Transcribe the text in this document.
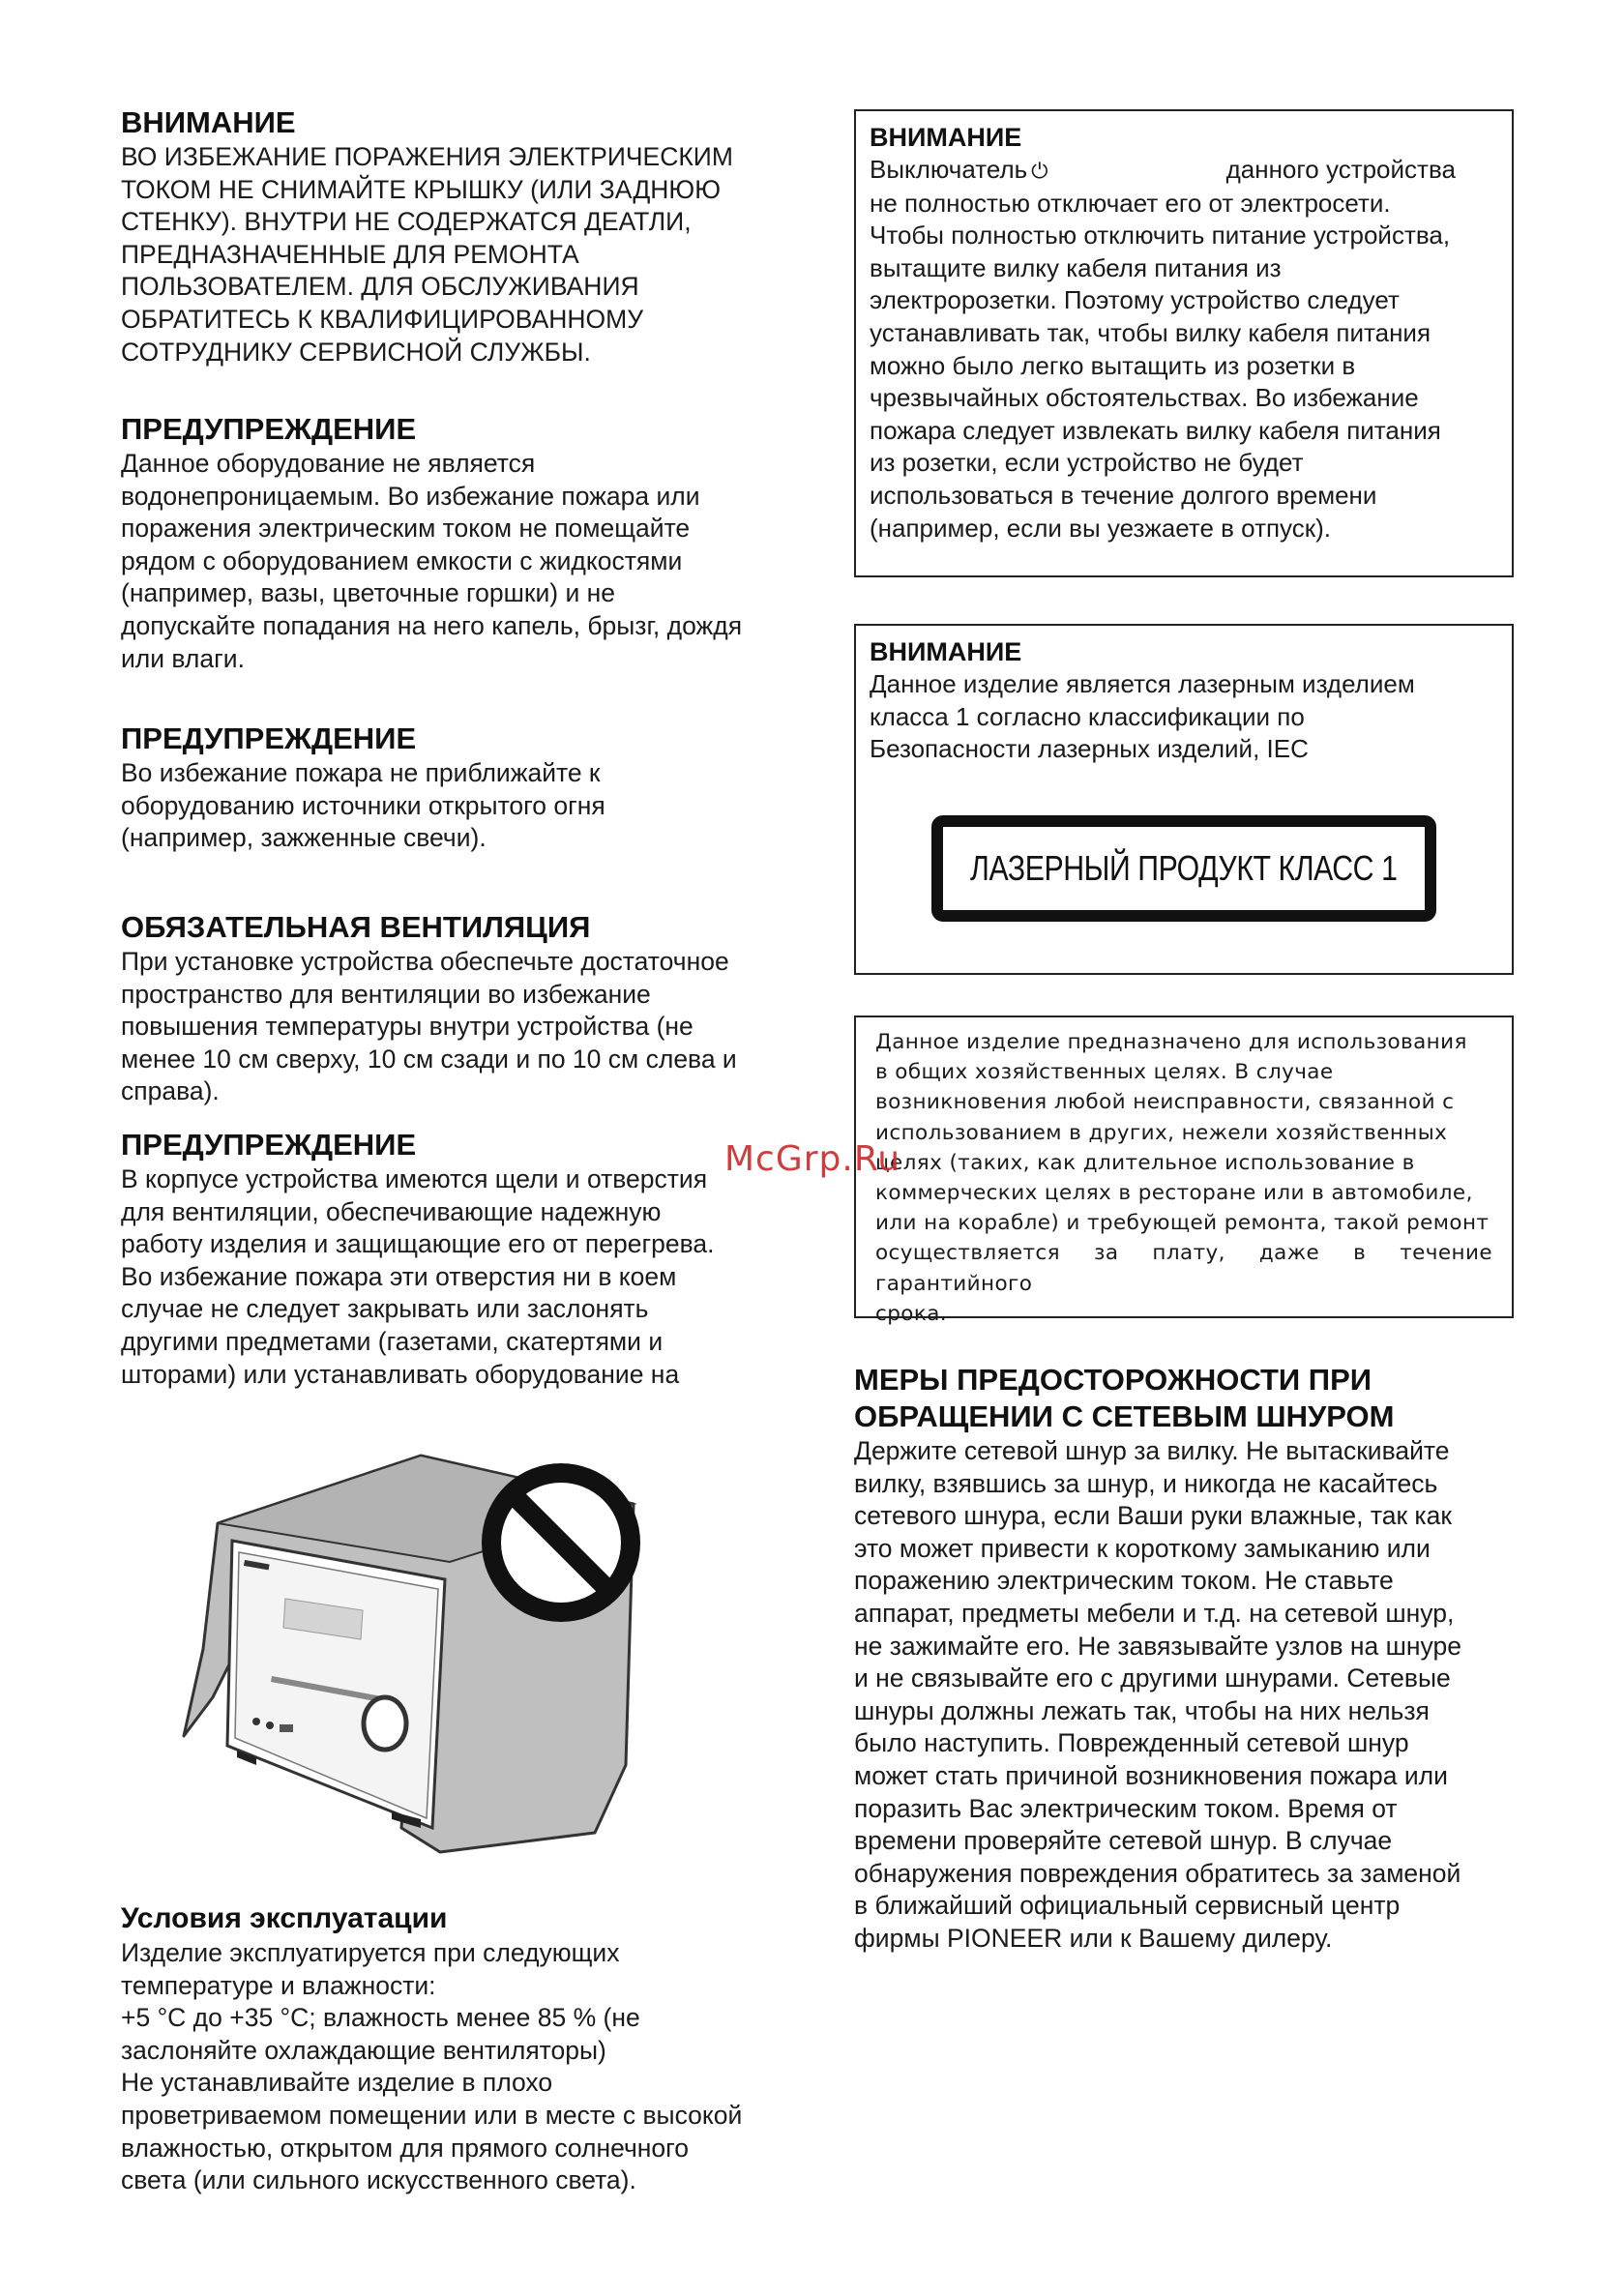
ВНИМАНИЕ

ВО ИЗБЕЖАНИЕ ПОРАЖЕНИЯ ЭЛЕКТРИЧЕСКИМ
ТОКОМ НЕ СНИМАЙТЕ КРЫШКУ (ИЛИ ЗАДНЮЮ
СТЕНКУ). ВНУТРИ НЕ СОДЕРЖАТСЯ ДЕАТЛИ,
ПРЕДНАЗНАЧЕННЫЕ ДЛЯ РЕМОНТА
ПОЛЬЗОВАТЕЛЕМ. ДЛЯ ОБСЛУЖИВАНИЯ
ОБРАТИТЕСЬ К КВАЛИФИЦИРОВАННОМУ
СОТРУДНИКУ СЕРВИСНОЙ СЛУЖБЫ.

ПРЕДУПРЕЖДЕНИЕ

Данное оборудование не является
водонепроницаемым. Во избежание пожара или
поражения электрическим током не помещайте
рядом с оборудованием емкости с жидкостями
(например, вазы, цветочные горшки) и не
допускайте попадания на него капель, брызг, дождя
или влаги.

ПРЕДУПРЕЖДЕНИЕ

Во избежание пожара не приближайте к
оборудованию источники открытого огня
(например, зажженные свечи).

ОБЯЗАТЕЛЬНАЯ ВЕНТИЛЯЦИЯ

При установке устройства обеспечьте достаточное
пространство для вентиляции во избежание
повышения температуры внутри устройства (не
менее 10 см сверху, 10 см сзади и по 10 см слева и
справа).

ПРЕДУПРЕЖДЕНИЕ

В корпусе устройства имеются щели и отверстия
для вентиляции, обеспечивающие надежную
работу изделия и защищающие его от перегрева.
Во избежание пожара эти отверстия ни в коем
случае не следует закрывать или заслонять
другими предметами (газетами, скатертями и
шторами) или устанавливать оборудование на

Условия эксплуатации

Изделие эксплуатируется при следующих
температуре и влажности:
+5 °C до +35 °C; влажность менее 85 % (не
заслоняйте охлаждающие вентиляторы)
Не устанавливайте изделие в плохо
проветриваемом помещении или в месте с высокой
влажностью, открытом для прямого солнечного
света (или сильного искусственного света).

ВНИМАНИЕ

Выключатель ⏻	данного устройства
не полностью отключает его от электросети.
Чтобы полностью отключить питание устройства,
вытащите вилку кабеля питания из
электророзетки. Поэтому устройство следует
устанавливать так, чтобы вилку кабеля питания
можно было легко вытащить из розетки в
чрезвычайных обстоятельствах. Во избежание
пожара следует извлекать вилку кабеля питания
из розетки, если устройство не будет
использоваться в течение долгого времени
(например, если вы уезжаете в отпуск).

ВНИМАНИЕ

Данное изделие является лазерным изделием
класса 1 согласно классификации по
Безопасности лазерных изделий, IEC

ЛАЗЕРНЫЙ ПРОДУКТ КЛАСС 1

Данное изделие предназначено для использования
в общих хозяйственных целях. В случае
возникновения любой неисправности, связанной с
использованием в других, нежели хозяйственных
целях (таких, как длительное использование в
коммерческих целях в ресторане или в автомобиле,
или на корабле) и требующей ремонта, такой ремонт
осуществляется за плату, даже в течение гарантийного
срока.

МЕРЫ ПРЕДОСТОРОЖНОСТИ ПРИ
ОБРАЩЕНИИ С СЕТЕВЫМ ШНУРОМ

Держите сетевой шнур за вилку. Не вытаскивайте
вилку, взявшись за шнур, и никогда не касайтесь
сетевого шнура, если Ваши руки влажные, так как
это может привести к короткому замыканию или
поражению электрическим током. Не ставьте
аппарат, предметы мебели и т.д. на сетевой шнур,
не зажимайте его. Не завязывайте узлов на шнуре
и не связывайте его с другими шнурами. Сетевые
шнуры должны лежать так, чтобы на них нельзя
было наступить. Поврежденный сетевой шнур
может стать причиной возникновения пожара или
поразить Вас электрическим током. Время от
времени проверяйте сетевой шнур. В случае
обнаружения повреждения обратитесь за заменой
в ближайший официальный сервисный центр
фирмы PIONEER или к Вашему дилеру.

McGrp.Ru
